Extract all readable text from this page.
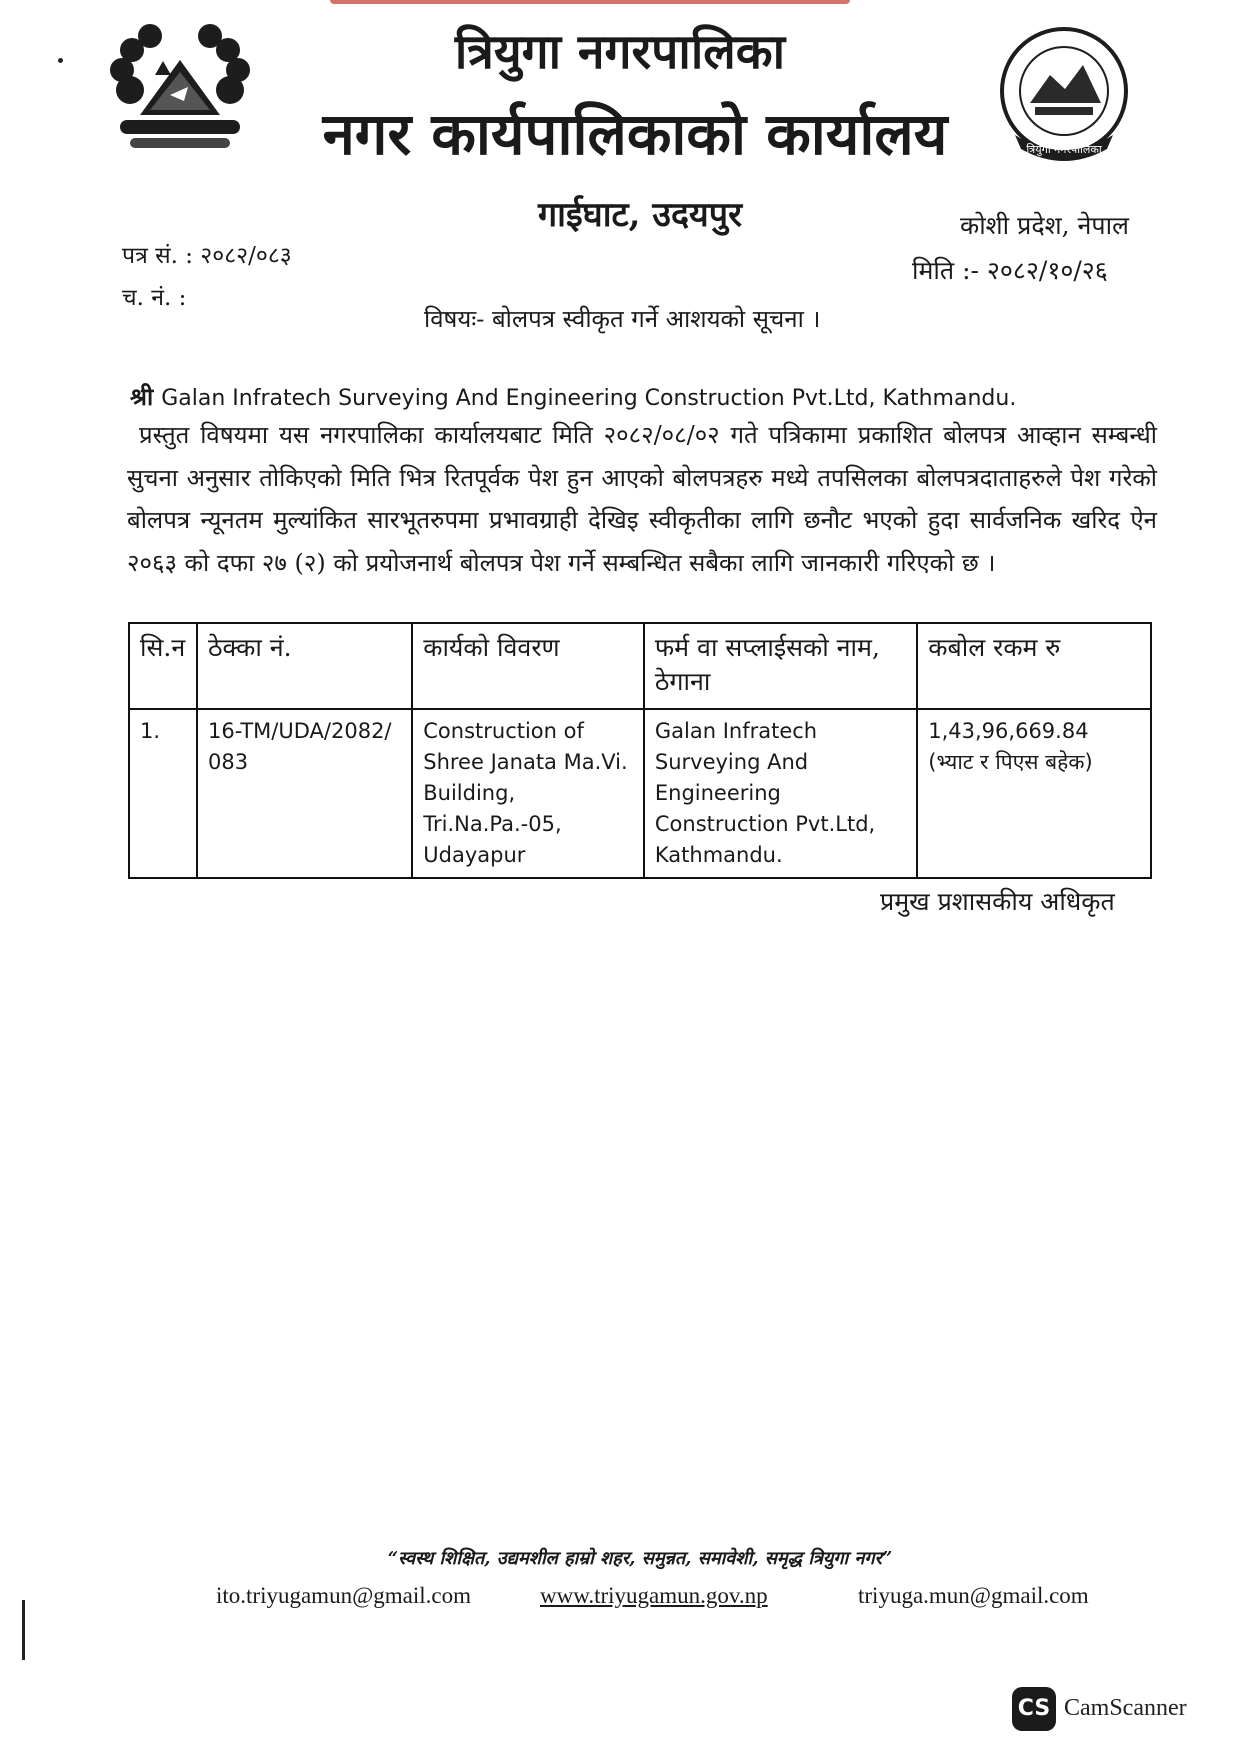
त्रियुगा नगरपालिका
त्रियुगा नगरपालिका
नगर कार्यपालिकाको कार्यालय
गाईघाट, उदयपुर	कोशी प्रदेश, नेपाल
पत्र सं. : २०८२/०८३	मिति :- २०८२/१०/२६
च. नं. :
विषयः- बोलपत्र स्वीकृत गर्ने आशयको सूचना ।
श्री Galan Infratech Surveying And Engineering Construction Pvt.Ltd, Kathmandu.
प्रस्तुत विषयमा यस नगरपालिका कार्यालयबाट मिति २०८२/०८/०२ गते पत्रिकामा प्रकाशित बोलपत्र आव्हान सम्बन्धी सुचना अनुसार तोकिएको मिति भित्र रितपूर्वक पेश हुन आएको बोलपत्रहरु मध्ये तपसिलका बोलपत्रदाताहरुले पेश गरेको बोलपत्र न्यूनतम मुल्यांकित सारभूतरुपमा प्रभावग्राही देखिइ स्वीकृतीका लागि छनौट भएको हुदा सार्वजनिक खरिद ऐन २०६३ को दफा २७ (२) को प्रयोजनार्थ बोलपत्र पेश गर्ने सम्बन्धित सबैका लागि जानकारी गरिएको छ ।
सि.न	ठेक्का नं.	कार्यको विवरण	फर्म वा सप्लाईसको नाम, ठेगाना	कबोल रकम रु
1.	16-TM/UDA/2082/083	Construction of Shree Janata Ma.Vi. Building, Tri.Na.Pa.-05, Udayapur	Galan Infratech Surveying And Engineering Construction Pvt.Ltd, Kathmandu.	1,43,96,669.84 (भ्याट र पिएस बहेक)
प्रमुख प्रशासकीय अधिकृत
“स्वस्थ शिक्षित, उद्यमशील हाम्रो शहर, समुन्नत, समावेशी, समृद्ध त्रियुगा नगर”
ito.triyugamun@gmail.com	www.triyugamun.gov.np	triyuga.mun@gmail.com
CS CamScanner
